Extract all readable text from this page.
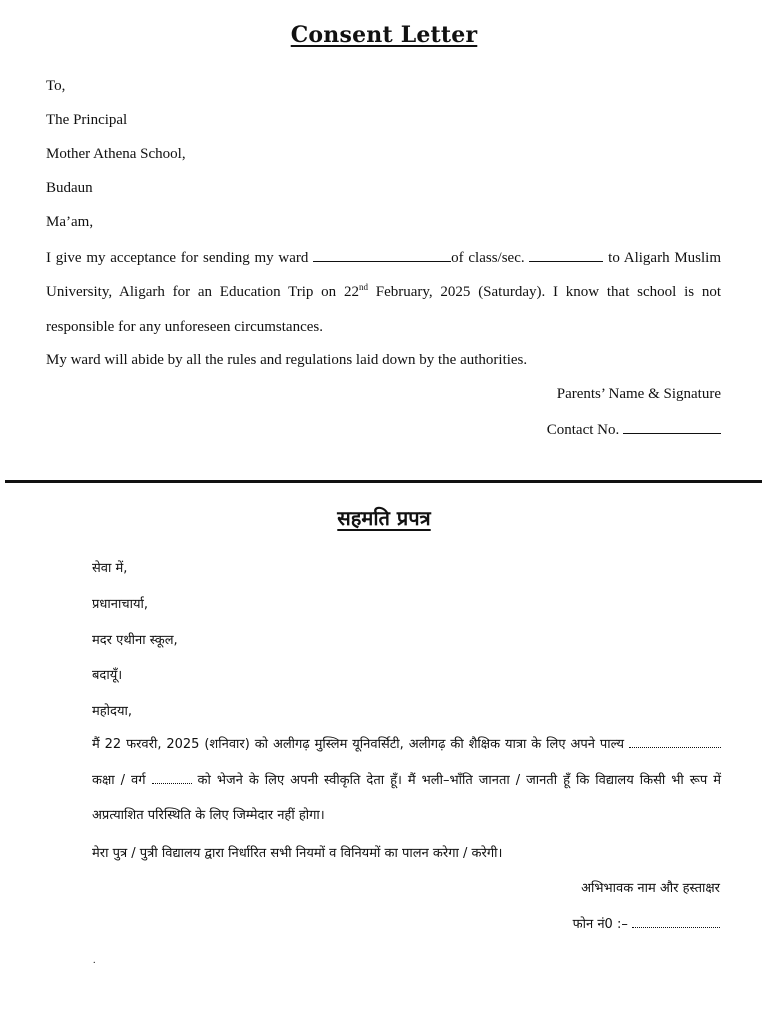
Consent Letter
To,
The Principal
Mother Athena School,
Budaun
Ma’am,
I give my acceptance for sending my ward	of class/sec.	to Aligarh Muslim University, Aligarh for an Education Trip on 22nd February, 2025 (Saturday). I know that school is not responsible for any unforeseen circumstances.
My ward will abide by all the rules and regulations laid down by the authorities.
Parents’ Name & Signature
Contact No.
सहमति प्रपत्र
सेवा में,
प्रधानाचार्या,
मदर एथीना स्कूल,
बदायूँ।
महोदया,
मैं 22 फरवरी, 2025 (शनिवार) को अलीगढ़ मुस्लिम यूनिवर्सिटी, अलीगढ़ की शैक्षिक यात्रा के लिए अपने पाल्य  कक्षा / वर्ग	को भेजने के लिए अपनी स्वीकृति देता हूँ। मैं भली–भाँति जानता / जानती हूँ कि विद्यालय किसी भी रूप में अप्रत्याशित परिस्थिति के लिए जिम्मेदार नहीं होगा।
मेरा पुत्र / पुत्री विद्यालय द्वारा निर्धारित सभी नियमों व विनियमों का पालन करेगा / करेगी।
अभिभावक नाम और हस्ताक्षर
फोन नं0 :–
.
